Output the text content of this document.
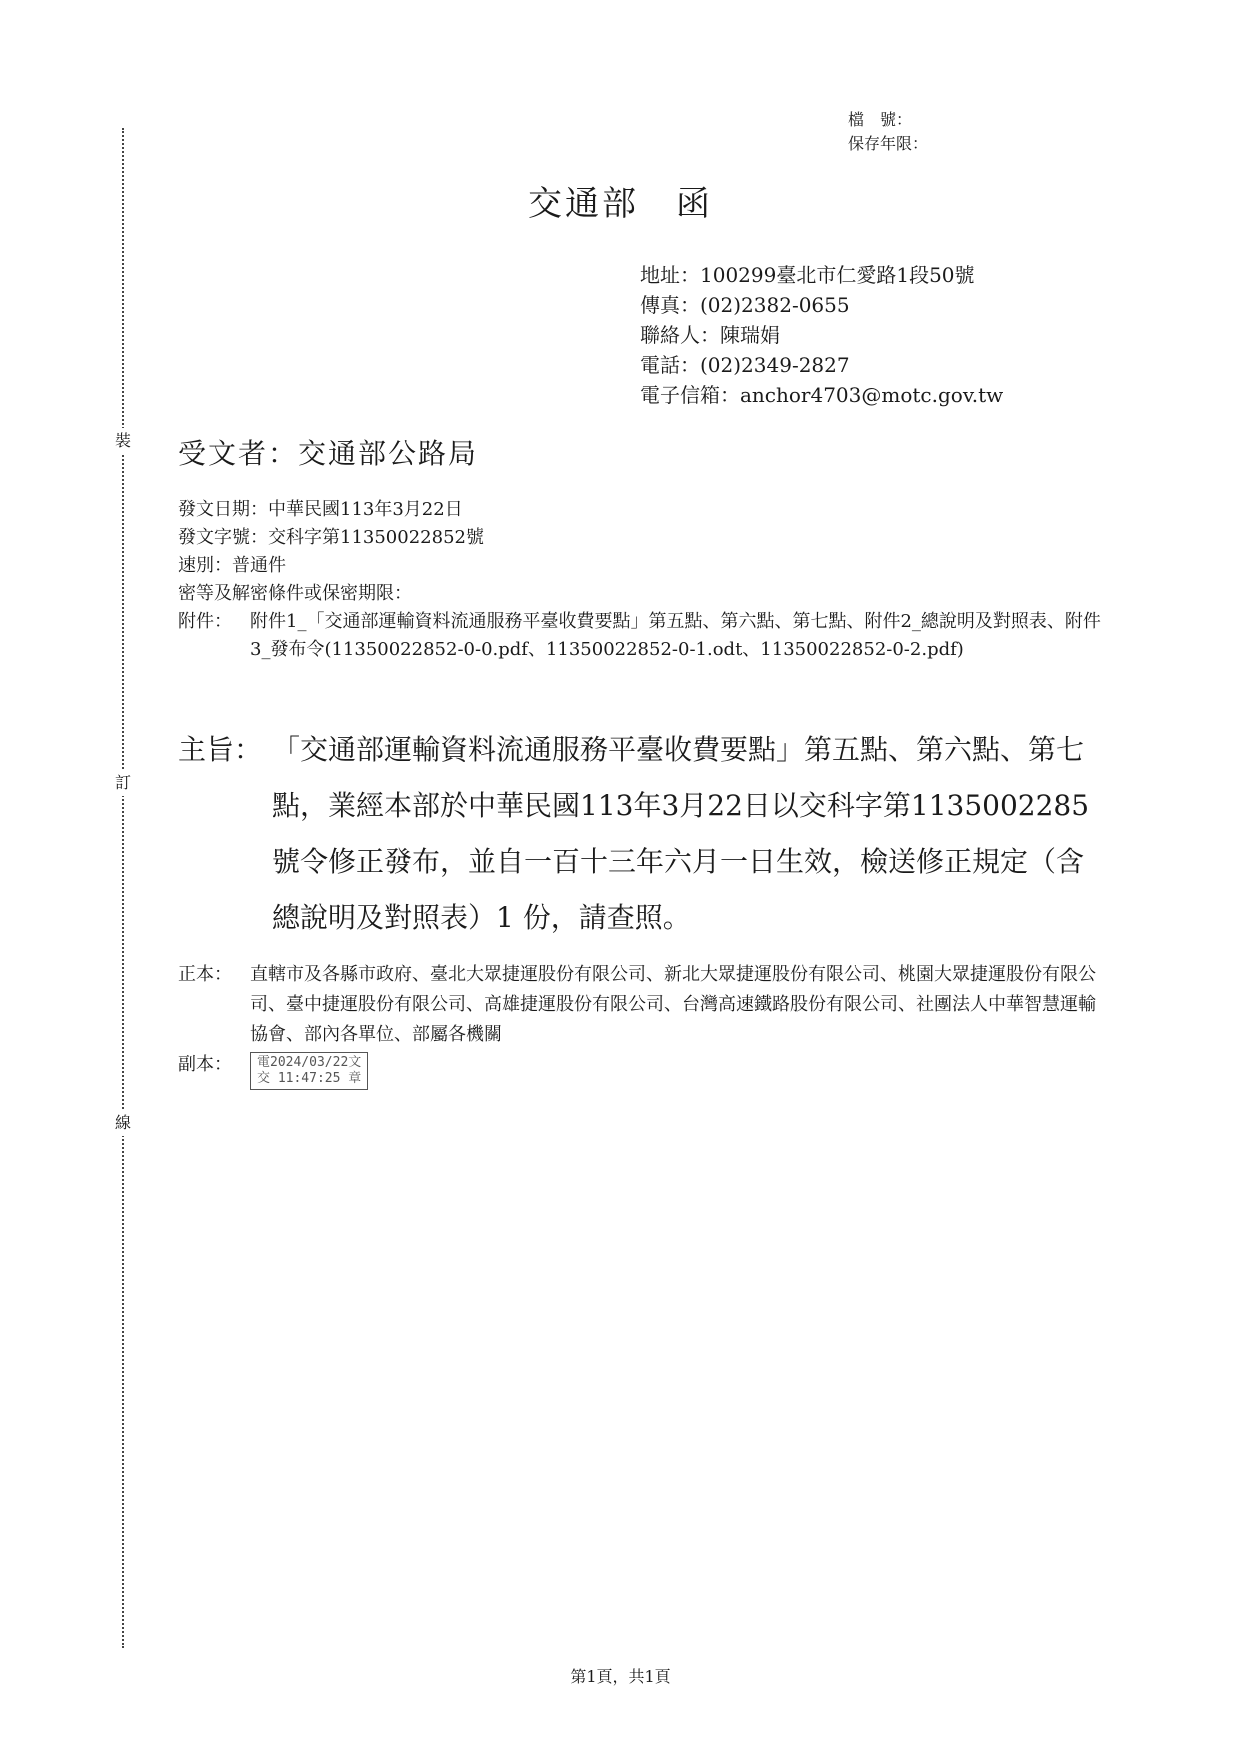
裝
訂
線
檔　號：
保存年限：
交通部　函
地址：100299臺北市仁愛路1段50號
傳真：(02)2382-0655
聯絡人：陳瑞娟
電話：(02)2349-2827
電子信箱：anchor4703@motc.gov.tw
受文者：交通部公路局
發文日期：中華民國113年3月22日
發文字號：交科字第11350022852號
速別：普通件
密等及解密條件或保密期限：
附件：	附件1_「交通部運輸資料流通服務平臺收費要點」第五點、第六點、第七點、附件2_總說明及對照表、附件3_發布令(11350022852-0-0.pdf、11350022852-0-1.odt、11350022852-0-2.pdf)
主旨： 「交通部運輸資料流通服務平臺收費要點」第五點、第六點、第七點，業經本部於中華民國113年3月22日以交科字第1135002285號令修正發布，並自一百十三年六月一日生效，檢送修正規定（含總說明及對照表）1 份，請查照。
正本：	直轄市及各縣市政府、臺北大眾捷運股份有限公司、新北大眾捷運股份有限公司、桃園大眾捷運股份有限公司、臺中捷運股份有限公司、高雄捷運股份有限公司、台灣高速鐵路股份有限公司、社團法人中華智慧運輸協會、部內各單位、部屬各機關
副本：	電2024/03/22文
交 11:47:25 章
第1頁，共1頁
